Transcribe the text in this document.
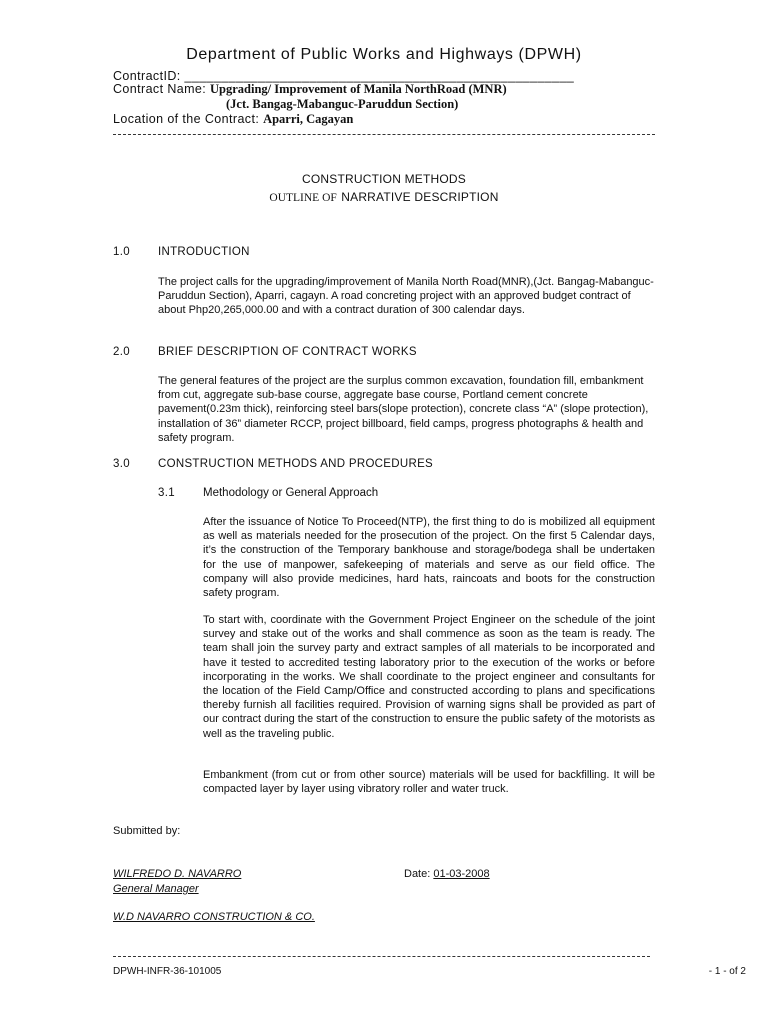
Department of Public Works and Highways (DPWH)
ContractID: _____________________________________________________
Contract Name: Upgrading/ Improvement of Manila NorthRoad (MNR)
(Jct. Bangag-Mabanguc-Paruddun Section)
Location of the Contract: Aparri, Cagayan
CONSTRUCTION METHODS
OUTLINE OF NARRATIVE DESCRIPTION
1.0 INTRODUCTION
The project calls for the upgrading/improvement of Manila North Road(MNR),(Jct. Bangag-Mabanguc-Paruddun Section), Aparri, cagayn. A road concreting project with an approved budget contract of about Php20,265,000.00 and with a contract duration of 300 calendar days.
2.0 BRIEF DESCRIPTION OF CONTRACT WORKS
The general features of the project are the surplus common excavation, foundation fill, embankment from cut, aggregate sub-base course, aggregate base course, Portland cement concrete pavement(0.23m thick), reinforcing steel bars(slope protection), concrete class “A” (slope protection), installation of 36” diameter RCCP, project billboard, field camps, progress photographs & health and safety program.
3.0 CONSTRUCTION METHODS AND PROCEDURES
3.1 Methodology or General Approach
After the issuance of Notice To Proceed(NTP), the first thing to do is mobilized all equipment as well as materials needed for the prosecution of the project. On the first 5 Calendar days, it’s the construction of the Temporary bankhouse and storage/bodega shall be undertaken for the use of manpower, safekeeping of materials and serve as our field office. The company will also provide medicines, hard hats, raincoats and boots for the construction safety program.
To start with, coordinate with the Government Project Engineer on the schedule of the joint survey and stake out of the works and shall commence as soon as the team is ready. The team shall join the survey party and extract samples of all materials to be incorporated and have it tested to accredited testing laboratory prior to the execution of the works or before incorporating in the works. We shall coordinate to the project engineer and consultants for the location of the Field Camp/Office and constructed according to plans and specifications thereby furnish all facilities required. Provision of warning signs shall be provided as part of our contract during the start of the construction to ensure the public safety of the motorists as well as the traveling public.
Embankment (from cut or from other source) materials will be used for backfilling. It will be compacted layer by layer using vibratory roller and water truck.
Submitted by:
WILFREDO D. NAVARRO
General Manager
Date: 01-03-2008
W.D NAVARRO CONSTRUCTION & CO.
DPWH-INFR-36-101005	- 1 - of 2
